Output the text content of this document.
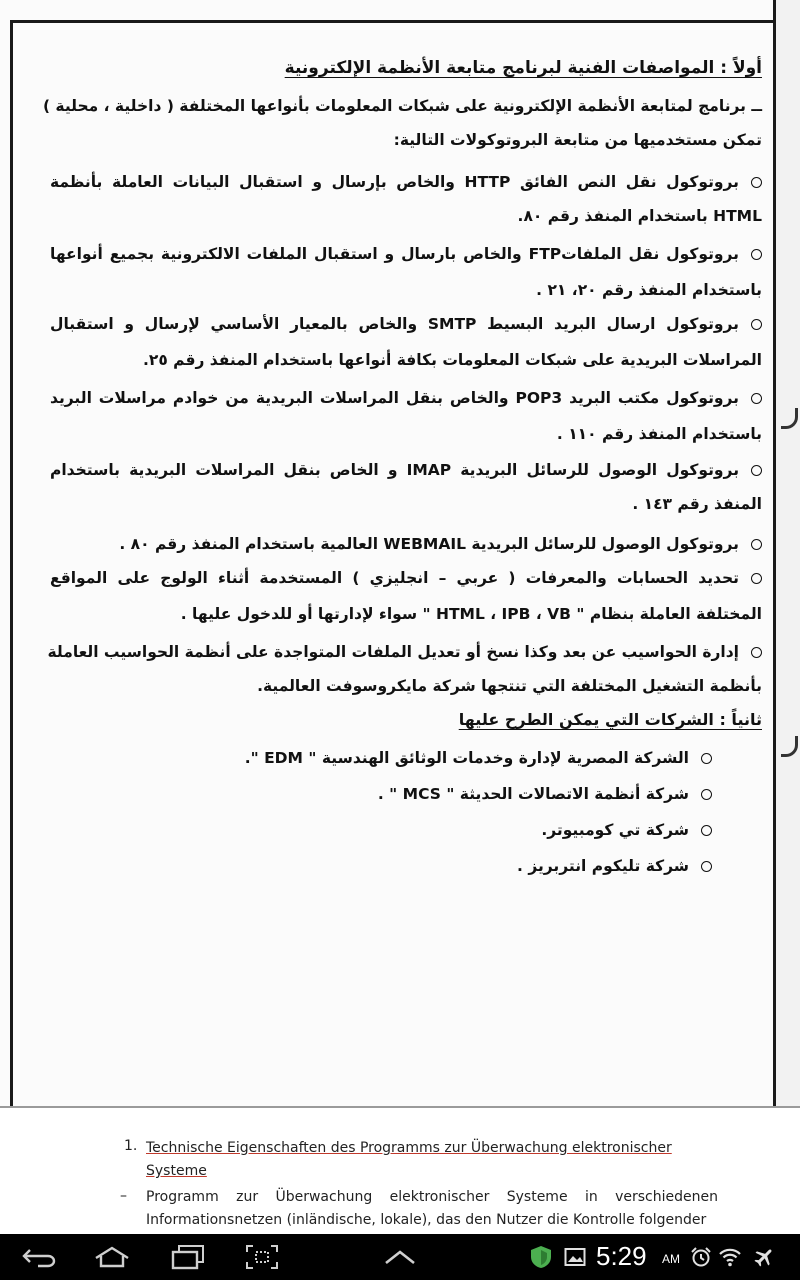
أولاً : المواصفات الفنية لبرنامج متابعة الأنظمة الإلكترونية
ــ برنامج لمتابعة الأنظمة الإلكترونية على شبكات المعلومات بأنواعها المختلفة ( داخلية ، محلية )
تمكن مستخدميها من متابعة البروتوكولات التالية:
بروتوكول نقل النص الفائق HTTP والخاص بإرسال و استقبال البيانات العاملة بأنظمة
HTML باستخدام المنفذ رقم ٨٠.
بروتوكول نقل الملفاتFTP والخاص بارسال و استقبال الملفات الالكترونية بجميع أنواعها
باستخدام المنفذ رقم ٢٠، ٢١ .
بروتوكول ارسال البريد البسيط SMTP والخاص بالمعيار الأساسي لإرسال و استقبال
المراسلات البريدية على شبكات المعلومات بكافة أنواعها باستخدام المنفذ رقم ٢٥.
بروتوكول مكتب البريد POP3 والخاص بنقل المراسلات البريدية من خوادم مراسلات البريد
باستخدام المنفذ رقم ١١٠ .
بروتوكول الوصول للرسائل البريدية IMAP و الخاص بنقل المراسلات البريدية باستخدام
المنفذ رقم ١٤٣ .
بروتوكول الوصول للرسائل البريدية WEBMAIL العالمية باستخدام المنفذ رقم ٨٠ .
تحديد الحسابات والمعرفات ( عربي – انجليزي ) المستخدمة أثناء الولوج على المواقع
المختلفة العاملة بنظام " HTML ، IPB ، VB " سواء لإدارتها أو للدخول عليها .
إدارة الحواسيب عن بعد وكذا نسخ أو تعديل الملفات المتواجدة على أنظمة الحواسيب العاملة
بأنظمة التشغيل المختلفة التي تنتجها شركة مايكروسوفت العالمية.
ثانياً : الشركات التي يمكن الطرح عليها
الشركة المصرية لإدارة وخدمات الوثائق الهندسية " EDM ".
شركة أنظمة الاتصالات الحديثة " MCS " .
شركة تي كومبيوتر.
شركة تليكوم انتربريز .
1. Technische Eigenschaften des Programms zur Überwachung elektronischer Systeme
– Programm zur Überwachung elektronischer Systeme in verschiedenen Informationsnetzen (inländische, lokale), das den Nutzer die Kontrolle folgender
5:29 AM
